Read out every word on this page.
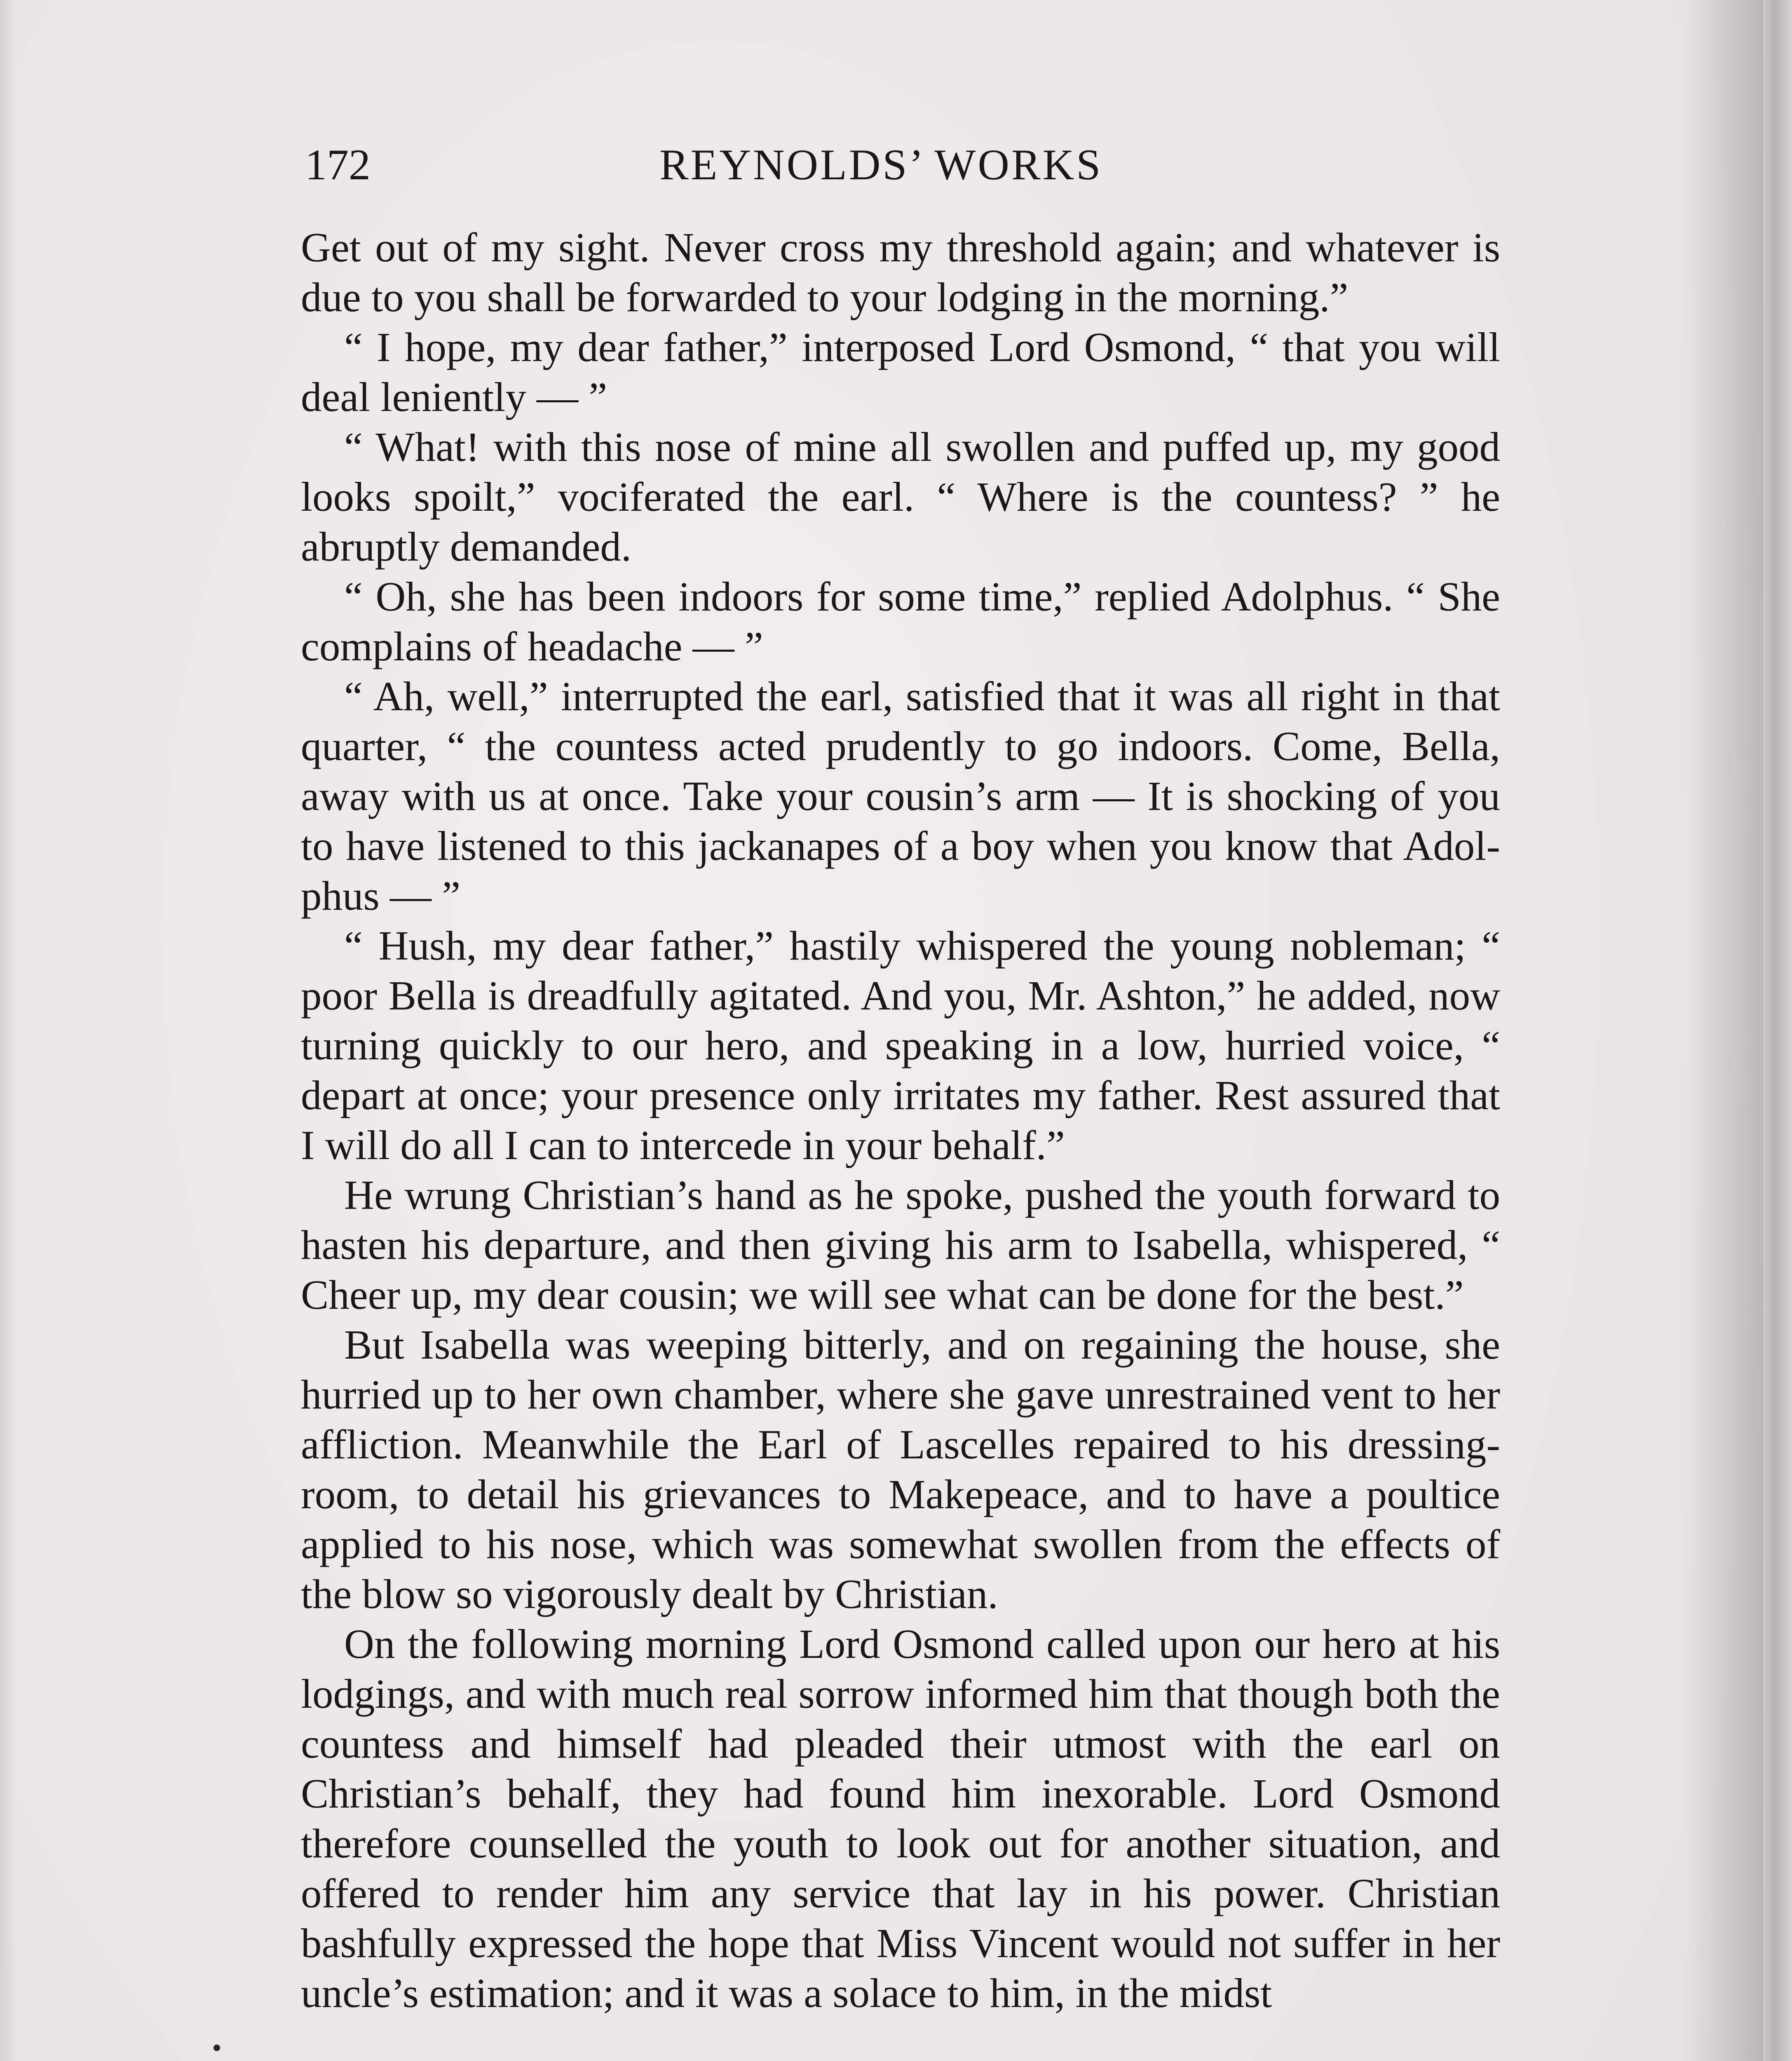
172	REYNOLDS’ WORKS

Get out of my sight. Never cross my threshold again; and whatever is due to you shall be forwarded to your lodging in the morning.”

“ I hope, my dear father,” interposed Lord Osmond, “ that you will deal leniently — ”

“ What! with this nose of mine all swollen and puffed up, my good looks spoilt,” vociferated the earl. “ Where is the countess? ” he abruptly demanded.

“ Oh, she has been indoors for some time,” replied Adolphus. “ She complains of headache — ”

“ Ah, well,” interrupted the earl, satisfied that it was all right in that quarter, “ the countess acted prudently to go indoors. Come, Bella, away with us at once. Take your cousin’s arm — It is shocking of you to have listened to this jackanapes of a boy when you know that Adolphus — ”

“ Hush, my dear father,” hastily whispered the young nobleman; “ poor Bella is dreadfully agitated. And you, Mr. Ashton,” he added, now turning quickly to our hero, and speaking in a low, hurried voice, “ depart at once; your presence only irritates my father. Rest assured that I will do all I can to intercede in your behalf.”

He wrung Christian’s hand as he spoke, pushed the youth forward to hasten his departure, and then giving his arm to Isabella, whispered, “ Cheer up, my dear cousin; we will see what can be done for the best.”

But Isabella was weeping bitterly, and on regaining the house, she hurried up to her own chamber, where she gave unrestrained vent to her affliction. Meanwhile the Earl of Lascelles repaired to his dressing-room, to detail his grievances to Makepeace, and to have a poultice applied to his nose, which was somewhat swollen from the effects of the blow so vigorously dealt by Christian.

On the following morning Lord Osmond called upon our hero at his lodgings, and with much real sorrow informed him that though both the countess and himself had pleaded their utmost with the earl on Christian’s behalf, they had found him inexorable. Lord Osmond therefore counselled the youth to look out for another situation, and offered to render him any service that lay in his power. Christian bashfully expressed the hope that Miss Vincent would not suffer in her uncle’s estimation; and it was a solace to him, in the midst
